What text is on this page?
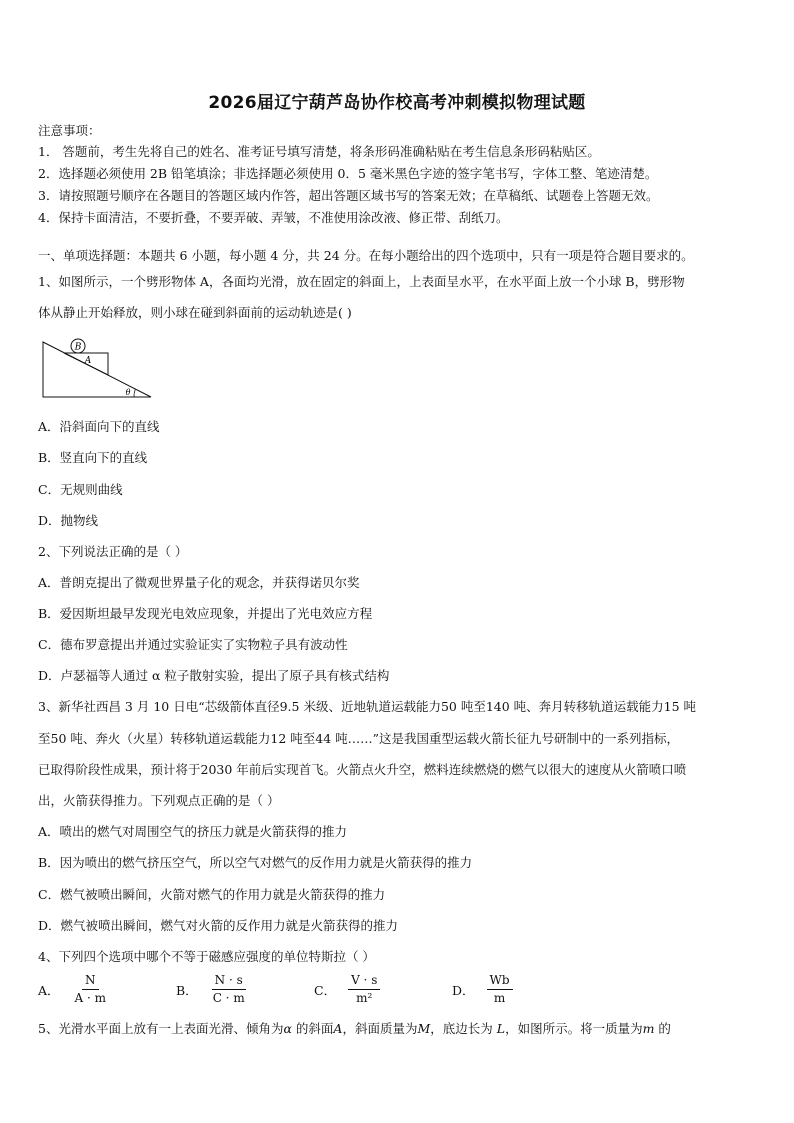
2026届辽宁葫芦岛协作校高考冲刺模拟物理试题
注意事项：
1． 答题前，考生先将自己的姓名、准考证号填写清楚，将条形码准确粘贴在考生信息条形码粘贴区。
2．选择题必须使用 2B 铅笔填涂；非选择题必须使用 0．5 毫米黑色字迹的签字笔书写，字体工整、笔迹清楚。
3．请按照题号顺序在各题目的答题区域内作答，超出答题区域书写的答案无效；在草稿纸、试题卷上答题无效。
4．保持卡面清洁，不要折叠，不要弄破、弄皱，不准使用涂改液、修正带、刮纸刀。
一、单项选择题：本题共 6 小题，每小题 4 分，共 24 分。在每小题给出的四个选项中，只有一项是符合题目要求的。
1、如图所示，一个劈形物体 A，各面均光滑，放在固定的斜面上，上表面呈水平，在水平面上放一个小球 B，劈形物
体从静止开始释放，则小球在碰到斜面前的运动轨迹是( )
B
A
θ
A．沿斜面向下的直线
B．竖直向下的直线
C．无规则曲线
D．抛物线
2、下列说法正确的是（ ）
A．普朗克提出了微观世界量子化的观念，并获得诺贝尔奖
B．爱因斯坦最早发现光电效应现象，并提出了光电效应方程
C．德布罗意提出并通过实验证实了实物粒子具有波动性
D．卢瑟福等人通过 α 粒子散射实验，提出了原子具有核式结构
3、新华社西昌 3 月 10 日电“芯级箭体直径9.5 米级、近地轨道运载能力50 吨至140 吨、奔月转移轨道运载能力15 吨
至50 吨、奔火（火星）转移轨道运载能力12 吨至44 吨……”这是我国重型运载火箭长征九号研制中的一系列指标，
已取得阶段性成果，预计将于2030 年前后实现首飞。火箭点火升空，燃料连续燃烧的燃气以很大的速度从火箭喷口喷
出，火箭获得推力。下列观点正确的是（ ）
A．喷出的燃气对周围空气的挤压力就是火箭获得的推力
B．因为喷出的燃气挤压空气，所以空气对燃气的反作用力就是火箭获得的推力
C．燃气被喷出瞬间，火箭对燃气的作用力就是火箭获得的推力
D．燃气被喷出瞬间，燃气对火箭的反作用力就是火箭获得的推力
4、下列四个选项中哪个不等于磁感应强度的单位特斯拉（ ）
A． $\frac{N}{A \cdot m}$	B． $\frac{N \cdot s}{C \cdot m}$	C． $\frac{V \cdot s}{\text{m²}}$	D． $\frac{Wb}{m}$
5、光滑水平面上放有一上表面光滑、倾角为α 的斜面A，斜面质量为M，底边长为 L，如图所示。将一质量为m 的
